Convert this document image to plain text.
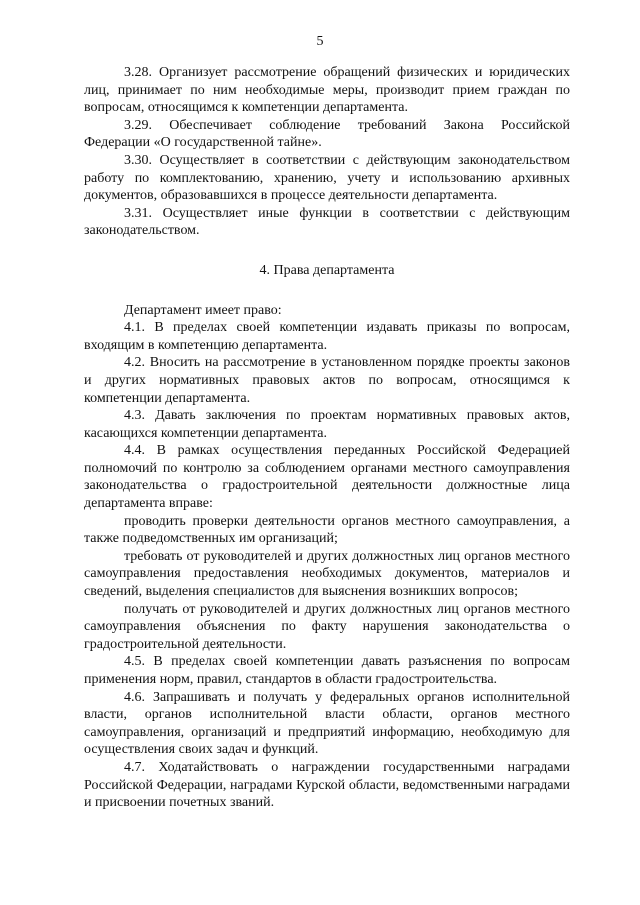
5

3.28. Организует рассмотрение обращений физических и юридических лиц, принимает по ним необходимые меры, производит прием граждан по вопросам, относящимся к компетенции департамента.

3.29. Обеспечивает соблюдение требований Закона Российской Федерации «О государственной тайне».

3.30. Осуществляет в соответствии с действующим законодательством работу по комплектованию, хранению, учету и использованию архивных документов, образовавшихся в процессе деятельности департамента.

3.31. Осуществляет иные функции в соответствии с действующим законодательством.

4. Права департамента

Департамент имеет право:

4.1. В пределах своей компетенции издавать приказы по вопросам, входящим в компетенцию департамента.

4.2. Вносить на рассмотрение в установленном порядке проекты законов и других нормативных правовых актов по вопросам, относящимся к компетенции департамента.

4.3. Давать заключения по проектам нормативных правовых актов, касающихся компетенции департамента.

4.4. В рамках осуществления переданных Российской Федерацией полномочий по контролю за соблюдением органами местного самоуправления законодательства о градостроительной деятельности должностные лица департамента вправе:

проводить проверки деятельности органов местного самоуправления, а также подведомственных им организаций;

требовать от руководителей и других должностных лиц органов местного самоуправления предоставления необходимых документов, материалов и сведений, выделения специалистов для выяснения возникших вопросов;

получать от руководителей и других должностных лиц органов местного самоуправления объяснения по факту нарушения законодательства о градостроительной деятельности.

4.5. В пределах своей компетенции давать разъяснения по вопросам применения норм, правил, стандартов в области градостроительства.

4.6. Запрашивать и получать у федеральных органов исполнительной власти, органов исполнительной власти области, органов местного самоуправления, организаций и предприятий информацию, необходимую для осуществления своих задач и функций.

4.7. Ходатайствовать о награждении государственными наградами Российской Федерации, наградами Курской области, ведомственными наградами и присвоении почетных званий.
